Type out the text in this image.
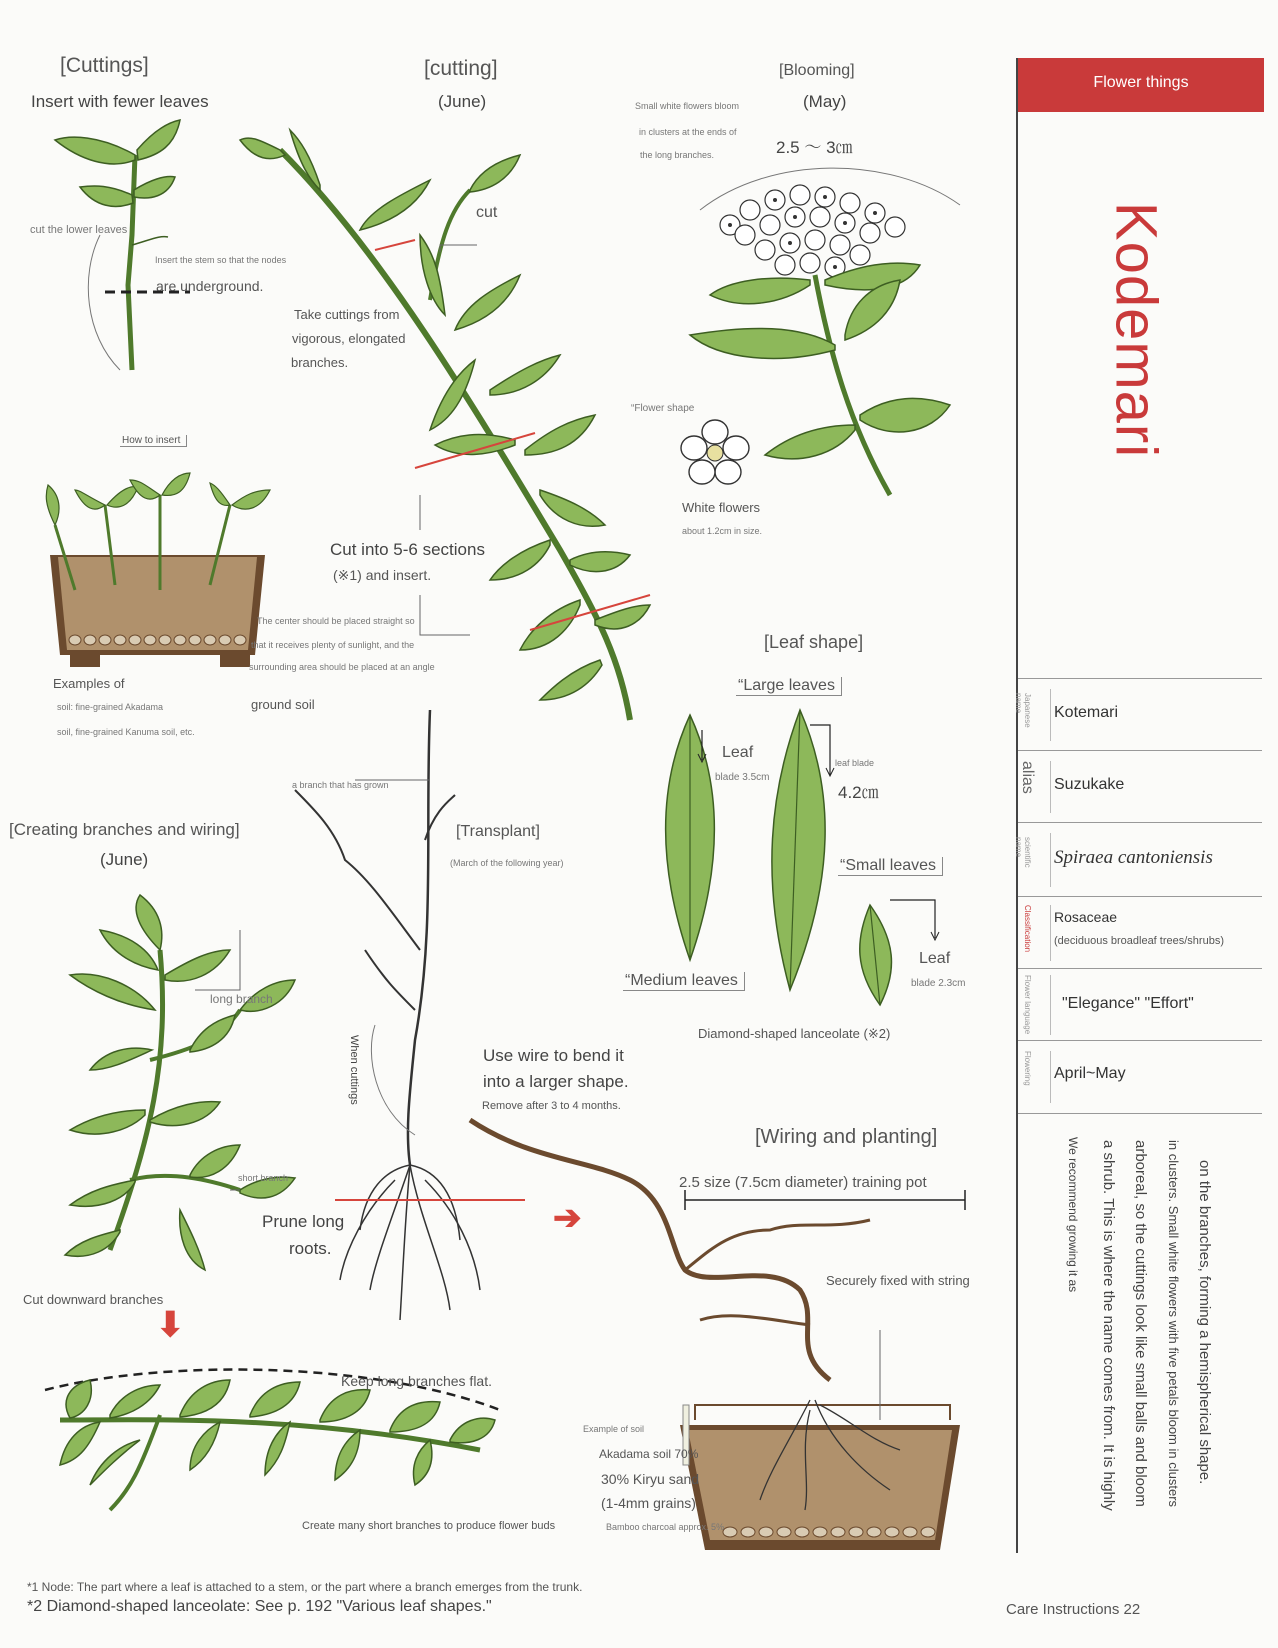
[Cuttings]
Insert with fewer leaves
cut the lower leaves
Insert the stem so that the nodes
are underground.
How to insert
The center should be placed straight so
that it receives plenty of sunlight, and the
surrounding area should be placed at an angle
Examples of
soil: fine-grained Akadama
soil, fine-grained Kanuma soil, etc.
ground soil
[cutting]
(June)
cut
Take cuttings from
vigorous, elongated
branches.
Cut into 5-6 sections
(※1) and insert.
[Blooming]
(May)
Small white flowers bloom
in clusters at the ends of
the long branches.	2.5 ～ 3㎝
“Flower shape
White flowers
about 1.2cm in size.
[Leaf shape]
“Large leaves
Leaf
blade 3.5cm
leaf blade
4.2㎝
“Small leaves
Leaf
blade 2.3cm
“Medium leaves
Diamond-shaped lanceolate (※2)
[Creating branches and wiring]
(June)
long branch
short branch
Cut downward branches
⬇
Keep long branches flat.
Create many short branches to produce flower buds
a branch that has grown
[Transplant]
(March of the following year)
When cuttings
Prune long
roots.
➔
Use wire to bend it
into a larger shape.
Remove after 3 to 4 months.
[Wiring and planting]
2.5 size (7.5cm diameter) training pot
Securely fixed with string
Example of soil
Akadama soil 70%
30% Kiryu sand
(1-4mm grains)
Bamboo charcoal approx. 5%
Flower things
Kodemari
Japanese name	Kotemari
alias Suzukake
scientific name	Spiraea cantoniensis
Classification Rosaceae
(deciduous broadleaf trees/shrubs)
Flower language "Elegance" "Effort"
Flowering April~May
on the branches, forming a hemispherical shape.
in clusters. Small white flowers with five petals bloom in clusters
arboreal, so the cuttings look like small balls and bloom
a shrub. This is where the name comes from. It is highly
We recommend growing it as
*1 Node: The part where a leaf is attached to a stem, or the part where a branch emerges from the trunk.
*2 Diamond-shaped lanceolate: See p. 192 "Various leaf shapes."	Care Instructions 22
